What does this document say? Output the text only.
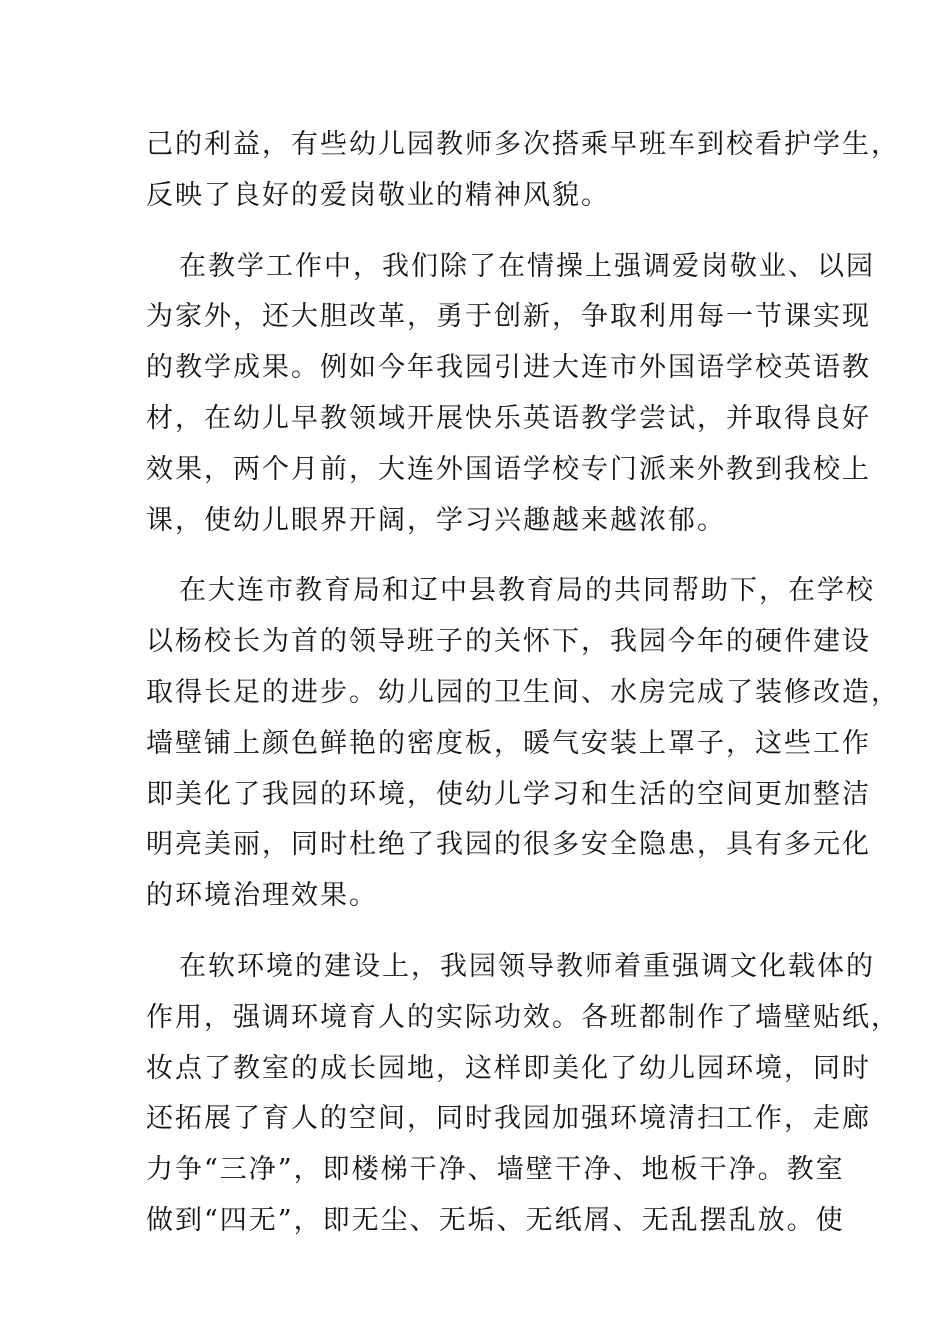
己的利益，有些幼儿园教师多次搭乘早班车到校看护学生，
反映了良好的爱岗敬业的精神风貌。
在教学工作中，我们除了在情操上强调爱岗敬业、以园
为家外，还大胆改革，勇于创新，争取利用每一节课实现
的教学成果。例如今年我园引进大连市外国语学校英语教
材，在幼儿早教领域开展快乐英语教学尝试，并取得良好
效果，两个月前，大连外国语学校专门派来外教到我校上
课，使幼儿眼界开阔，学习兴趣越来越浓郁。
在大连市教育局和辽中县教育局的共同帮助下，在学校
以杨校长为首的领导班子的关怀下，我园今年的硬件建设
取得长足的进步。幼儿园的卫生间、水房完成了装修改造，
墙壁铺上颜色鲜艳的密度板，暖气安装上罩子，这些工作
即美化了我园的环境，使幼儿学习和生活的空间更加整洁
明亮美丽，同时杜绝了我园的很多安全隐患，具有多元化
的环境治理效果。
在软环境的建设上，我园领导教师着重强调文化载体的
作用，强调环境育人的实际功效。各班都制作了墙壁贴纸，
妆点了教室的成长园地，这样即美化了幼儿园环境，同时
还拓展了育人的空间，同时我园加强环境清扫工作，走廊
力争“三净”，即楼梯干净、墙壁干净、地板干净。教室
做到“四无”，即无尘、无垢、无纸屑、无乱摆乱放。使
